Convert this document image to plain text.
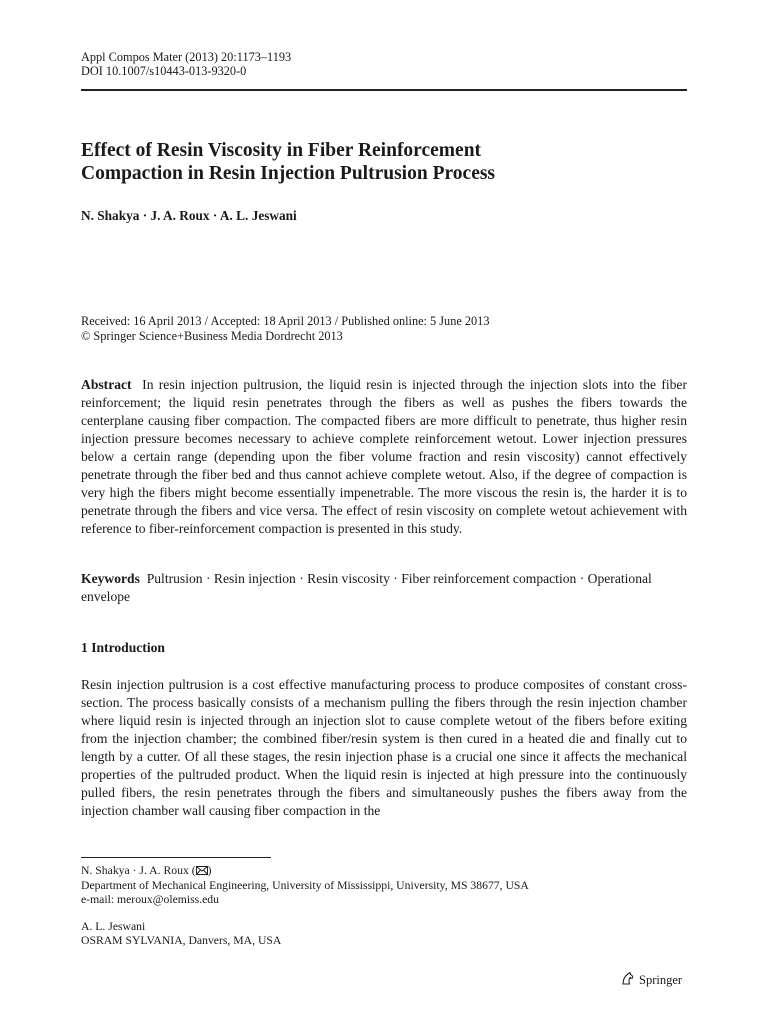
Appl Compos Mater (2013) 20:1173–1193
DOI 10.1007/s10443-013-9320-0
Effect of Resin Viscosity in Fiber Reinforcement
Compaction in Resin Injection Pultrusion Process
N. Shakya · J. A. Roux · A. L. Jeswani
Received: 16 April 2013 / Accepted: 18 April 2013 / Published online: 5 June 2013
© Springer Science+Business Media Dordrecht 2013
Abstract In resin injection pultrusion, the liquid resin is injected through the injection slots into the fiber reinforcement; the liquid resin penetrates through the fibers as well as pushes the fibers towards the centerplane causing fiber compaction. The compacted fibers are more difficult to penetrate, thus higher resin injection pressure becomes necessary to achieve complete reinforcement wetout. Lower injection pressures below a certain range (depending upon the fiber volume fraction and resin viscosity) cannot effectively penetrate through the fiber bed and thus cannot achieve complete wetout. Also, if the degree of compaction is very high the fibers might become essentially impenetrable. The more viscous the resin is, the harder it is to penetrate through the fibers and vice versa. The effect of resin viscosity on complete wetout achievement with reference to fiber-reinforcement compaction is presented in this study.
Keywords Pultrusion · Resin injection · Resin viscosity · Fiber reinforcement compaction · Operational envelope
1 Introduction
Resin injection pultrusion is a cost effective manufacturing process to produce composites of constant cross-section. The process basically consists of a mechanism pulling the fibers through the resin injection chamber where liquid resin is injected through an injection slot to cause complete wetout of the fibers before exiting from the injection chamber; the combined fiber/resin system is then cured in a heated die and finally cut to length by a cutter. Of all these stages, the resin injection phase is a crucial one since it affects the mechanical properties of the pultruded product. When the liquid resin is injected at high pressure into the continuously pulled fibers, the resin penetrates through the fibers and simultaneously pushes the fibers away from the injection chamber wall causing fiber compaction in the
N. Shakya · J. A. Roux ( )
Department of Mechanical Engineering, University of Mississippi, University, MS 38677, USA
e-mail: meroux@olemiss.edu
A. L. Jeswani
OSRAM SYLVANIA, Danvers, MA, USA
Springer
